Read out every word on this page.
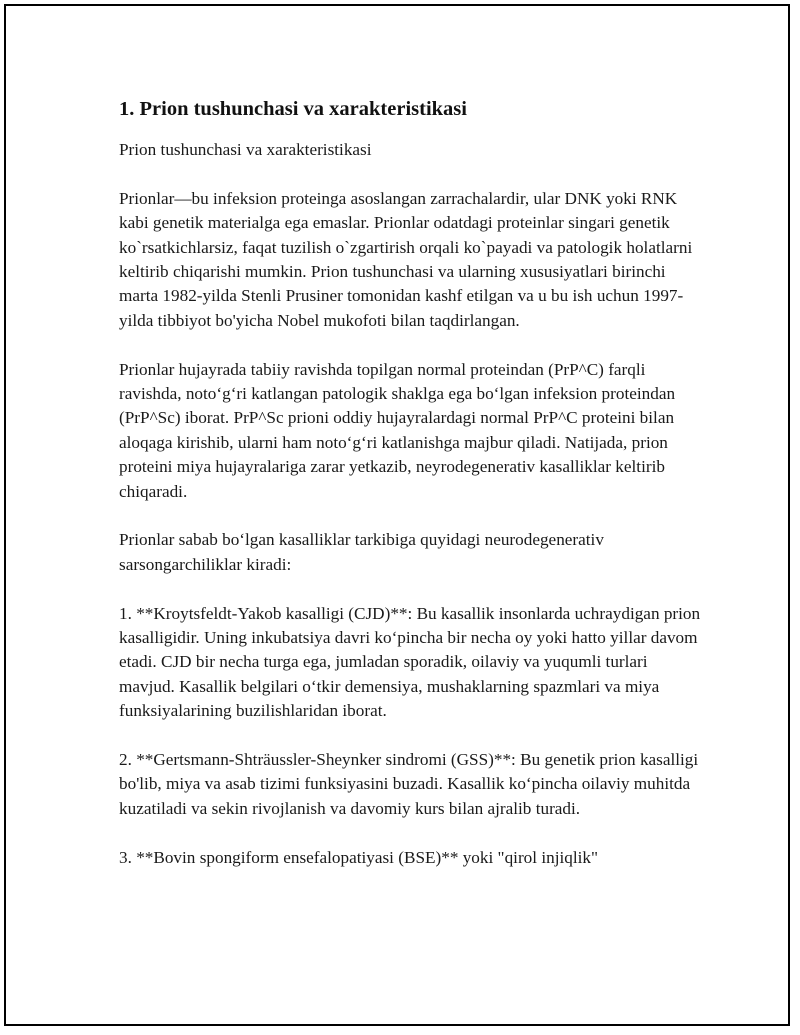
1. Prion tushunchasi va xarakteristikasi

Prion tushunchasi va xarakteristikasi

Prionlar—bu infeksion proteinga asoslangan zarrachalardir, ular DNK yoki RNK kabi genetik materialga ega emaslar. Prionlar odatdagi proteinlar singari genetik ko`rsatkichlarsiz, faqat tuzilish o`zgartirish orqali ko`payadi va patologik holatlarni keltirib chiqarishi mumkin. Prion tushunchasi va ularning xususiyatlari birinchi marta 1982-yilda Stenli Prusiner tomonidan kashf etilgan va u bu ish uchun 1997-yilda tibbiyot bo'yicha Nobel mukofoti bilan taqdirlangan.

Prionlar hujayrada tabiiy ravishda topilgan normal proteindan (PrP^C) farqli ravishda, noto‘g‘ri katlangan patologik shaklga ega bo‘lgan infeksion proteindan (PrP^Sc) iborat. PrP^Sc prioni oddiy hujayralardagi normal PrP^C proteini bilan aloqaga kirishib, ularni ham noto‘g‘ri katlanishga majbur qiladi. Natijada, prion proteini miya hujayralariga zarar yetkazib, neyrodegenerativ kasalliklar keltirib chiqaradi.

Prionlar sabab bo‘lgan kasalliklar tarkibiga quyidagi neurodegenerativ sarsongarchiliklar kiradi:

1. **Kroytsfeldt-Yakob kasalligi (CJD)**: Bu kasallik insonlarda uchraydigan prion kasalligidir. Uning inkubatsiya davri ko‘pincha bir necha oy yoki hatto yillar davom etadi. CJD bir necha turga ega, jumladan sporadik, oilaviy va yuqumli turlari mavjud. Kasallik belgilari o‘tkir demensiya, mushaklarning spazmlari va miya funksiyalarining buzilishlaridan iborat.

2. **Gertsmann-Shträussler-Sheynker sindromi (GSS)**: Bu genetik prion kasalligi bo'lib, miya va asab tizimi funksiyasini buzadi. Kasallik ko‘pincha oilaviy muhitda kuzatiladi va sekin rivojlanish va davomiy kurs bilan ajralib turadi.

3. **Bovin spongiform ensefalopatiyasi (BSE)** yoki "qirol injiqlik"
